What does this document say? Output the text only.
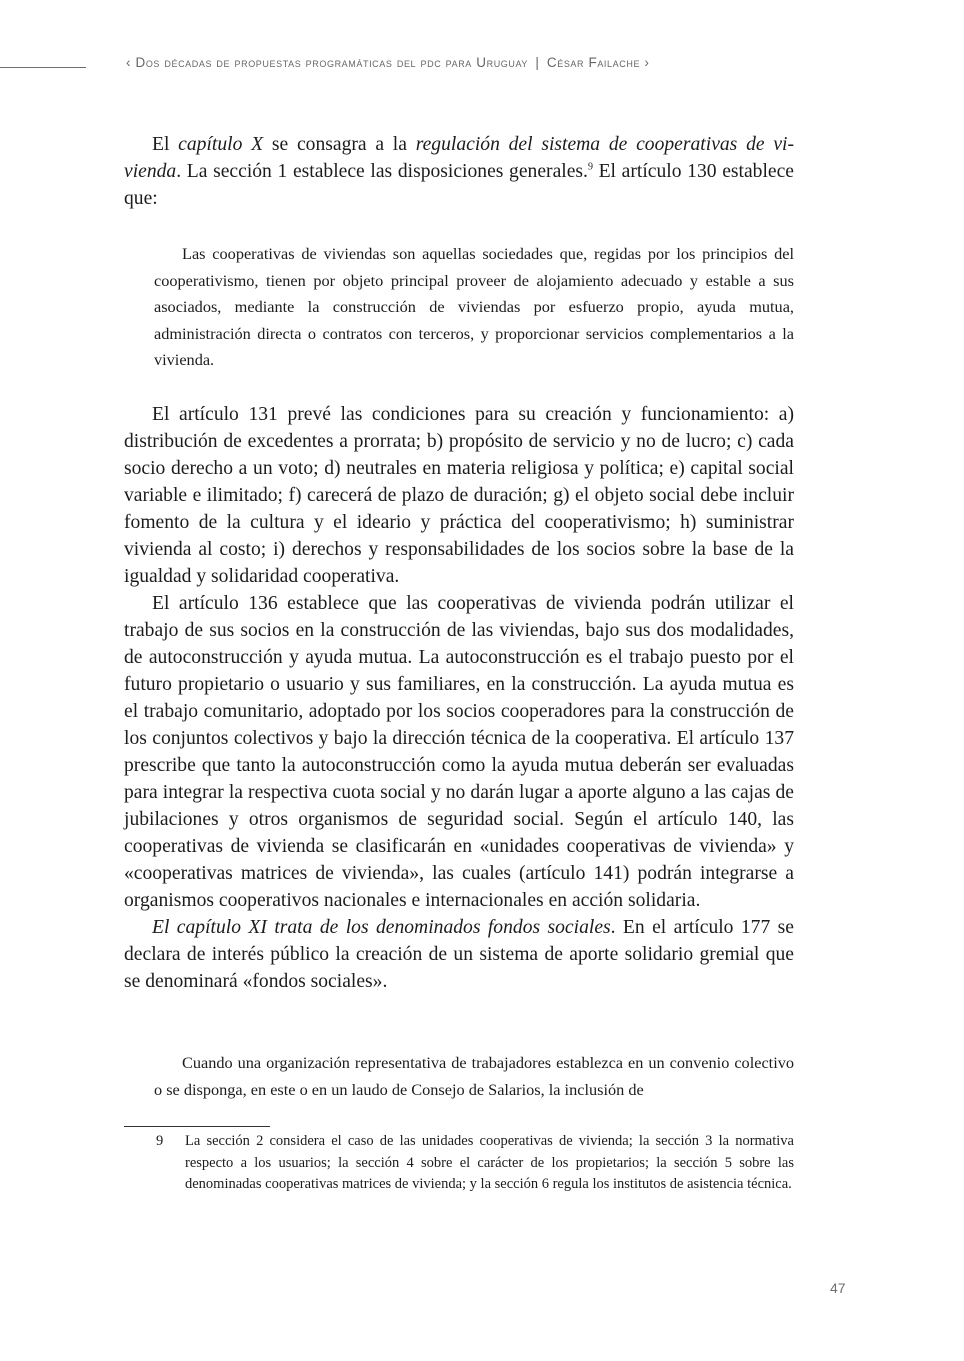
‹ Dos décadas de propuestas programáticas del pdc para Uruguay | César Failache ›

El capítulo X se consagra a la regulación del sistema de cooperativas de vivienda. La sección 1 establece las disposiciones generales.$^9$ El artículo 130 establece que:

Las cooperativas de viviendas son aquellas sociedades que, regidas por los principios del cooperativismo, tienen por objeto principal proveer de alojamiento adecuado y estable a sus asociados, mediante la construcción de viviendas por esfuerzo propio, ayuda mutua, administración directa o contratos con terceros, y proporcionar servicios complementarios a la vivienda.

El artículo 131 prevé las condiciones para su creación y funcionamiento: a) distribución de excedentes a prorrata; b) propósito de servicio y no de lucro; c) cada socio derecho a un voto; d) neutrales en materia religiosa y política; e) capital social variable e ilimitado; f) carecerá de plazo de duración; g) el objeto social debe incluir fomento de la cultura y el ideario y práctica del cooperativismo; h) suministrar vivienda al costo; i) derechos y responsabilidades de los socios sobre la base de la igualdad y solidaridad cooperativa.

El artículo 136 establece que las cooperativas de vivienda podrán utilizar el trabajo de sus socios en la construcción de las viviendas, bajo sus dos modalidades, de autoconstrucción y ayuda mutua. La autoconstrucción es el trabajo puesto por el futuro propietario o usuario y sus familiares, en la construcción. La ayuda mutua es el trabajo comunitario, adoptado por los socios cooperadores para la construcción de los conjuntos colectivos y bajo la dirección técnica de la cooperativa. El artículo 137 prescribe que tanto la autoconstrucción como la ayuda mutua deberán ser evaluadas para integrar la respectiva cuota social y no darán lugar a aporte alguno a las cajas de jubilaciones y otros organismos de seguridad social. Según el artículo 140, las cooperativas de vivienda se clasificarán en «unidades cooperativas de vivienda» y «cooperativas matrices de vivienda», las cuales (artículo 141) podrán integrarse a organismos cooperativos nacionales e internacionales en acción solidaria.

El capítulo XI trata de los denominados fondos sociales. En el artículo 177 se declara de interés público la creación de un sistema de aporte solidario gremial que se denominará «fondos sociales».

Cuando una organización representativa de trabajadores establezca en un convenio colectivo o se disponga, en este o en un laudo de Consejo de Salarios, la inclusión de

9 La sección 2 considera el caso de las unidades cooperativas de vivienda; la sección 3 la normativa respecto a los usuarios; la sección 4 sobre el carácter de los propietarios; la sección 5 sobre las denominadas cooperativas matrices de vivienda; y la sección 6 regula los institutos de asistencia técnica.
47
